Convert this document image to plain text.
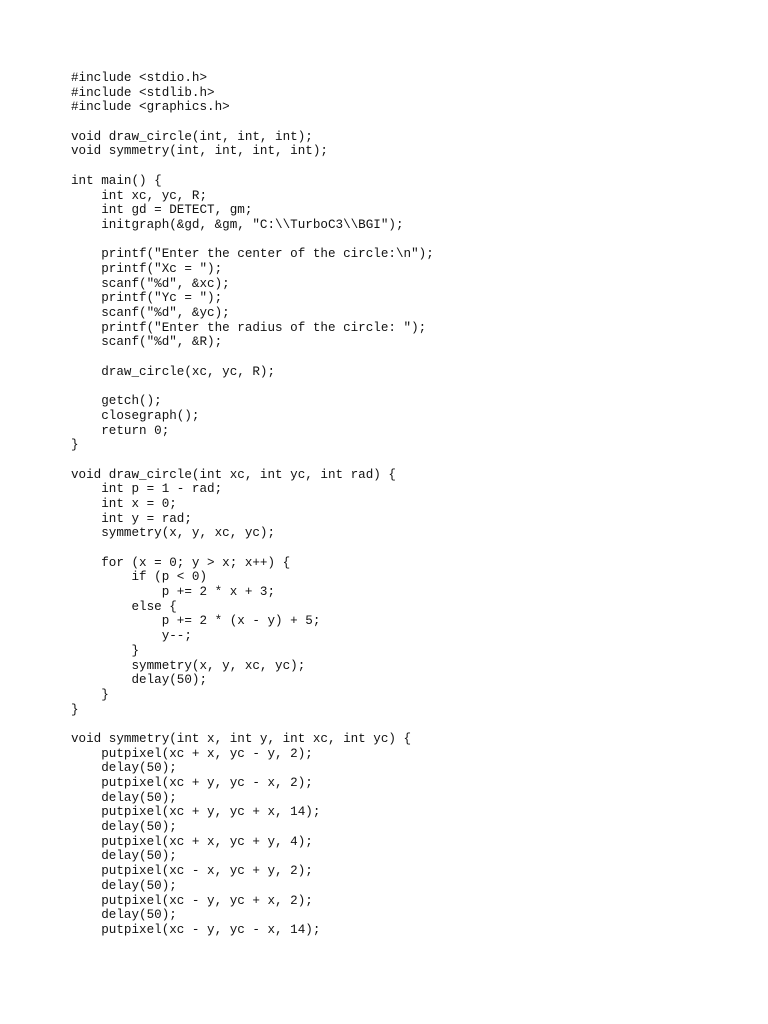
#include <stdio.h>
#include <stdlib.h>
#include <graphics.h>
void draw_circle(int, int, int);
void symmetry(int, int, int, int);
int main() {
int xc, yc, R;
int gd = DETECT, gm;
initgraph(&gd, &gm, "C:\\TurboC3\\BGI");
printf("Enter the center of the circle:\n");
printf("Xc = ");
scanf("%d", &xc);
printf("Yc = ");
scanf("%d", &yc);
printf("Enter the radius of the circle: ");
scanf("%d", &R);
draw_circle(xc, yc, R);
getch();
closegraph();
return 0;
}
void draw_circle(int xc, int yc, int rad) {
int p = 1 - rad;
int x = 0;
int y = rad;
symmetry(x, y, xc, yc);
for (x = 0; y > x; x++) {
if (p < 0)
p += 2 * x + 3;
else {
p += 2 * (x - y) + 5;
y--;
}
symmetry(x, y, xc, yc);
delay(50);
}
}
void symmetry(int x, int y, int xc, int yc) {
putpixel(xc + x, yc - y, 2);
delay(50);
putpixel(xc + y, yc - x, 2);
delay(50);
putpixel(xc + y, yc + x, 14);
delay(50);
putpixel(xc + x, yc + y, 4);
delay(50);
putpixel(xc - x, yc + y, 2);
delay(50);
putpixel(xc - y, yc + x, 2);
delay(50);
putpixel(xc - y, yc - x, 14);
